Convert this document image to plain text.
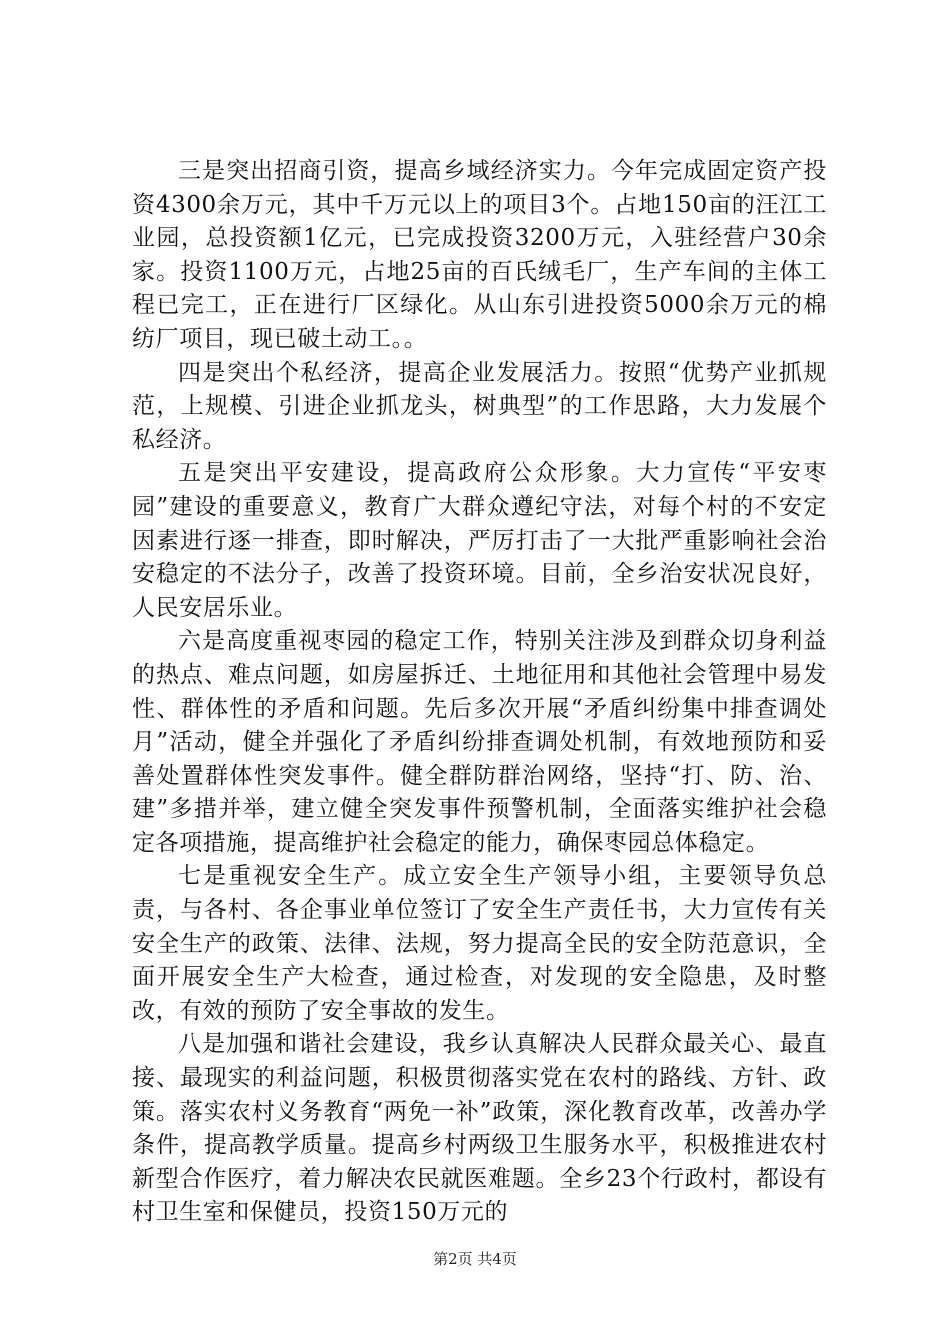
三是突出招商引资，提高乡域经济实力。今年完成固定资产投资4300余万元，其中千万元以上的项目3个。占地150亩的汪江工业园，总投资额1亿元，已完成投资3200万元，入驻经营户30余家。投资1100万元，占地25亩的百氏绒毛厂，生产车间的主体工程已完工，正在进行厂区绿化。从山东引进投资5000余万元的棉纺厂项目，现已破土动工。。

四是突出个私经济，提高企业发展活力。按照“优势产业抓规范，上规模、引进企业抓龙头，树典型”的工作思路，大力发展个私经济。

五是突出平安建设，提高政府公众形象。大力宣传“平安枣园”建设的重要意义，教育广大群众遵纪守法，对每个村的不安定因素进行逐一排查，即时解决，严厉打击了一大批严重影响社会治安稳定的不法分子，改善了投资环境。目前，全乡治安状况良好，人民安居乐业。

六是高度重视枣园的稳定工作，特别关注涉及到群众切身利益的热点、难点问题，如房屋拆迁、土地征用和其他社会管理中易发性、群体性的矛盾和问题。先后多次开展“矛盾纠纷集中排查调处月”活动，健全并强化了矛盾纠纷排查调处机制，有效地预防和妥善处置群体性突发事件。健全群防群治网络，坚持“打、防、治、建”多措并举，建立健全突发事件预警机制，全面落实维护社会稳定各项措施，提高维护社会稳定的能力，确保枣园总体稳定。

七是重视安全生产。成立安全生产领导小组，主要领导负总责，与各村、各企事业单位签订了安全生产责任书，大力宣传有关安全生产的政策、法律、法规，努力提高全民的安全防范意识，全面开展安全生产大检查，通过检查，对发现的安全隐患，及时整改，有效的预防了安全事故的发生。

八是加强和谐社会建设，我乡认真解决人民群众最关心、最直接、最现实的利益问题，积极贯彻落实党在农村的路线、方针、政策。落实农村义务教育“两免一补”政策，深化教育改革，改善办学条件，提高教学质量。提高乡村两级卫生服务水平，积极推进农村新型合作医疗，着力解决农民就医难题。全乡23个行政村，都设有村卫生室和保健员，投资150万元的

第2页 共4页
